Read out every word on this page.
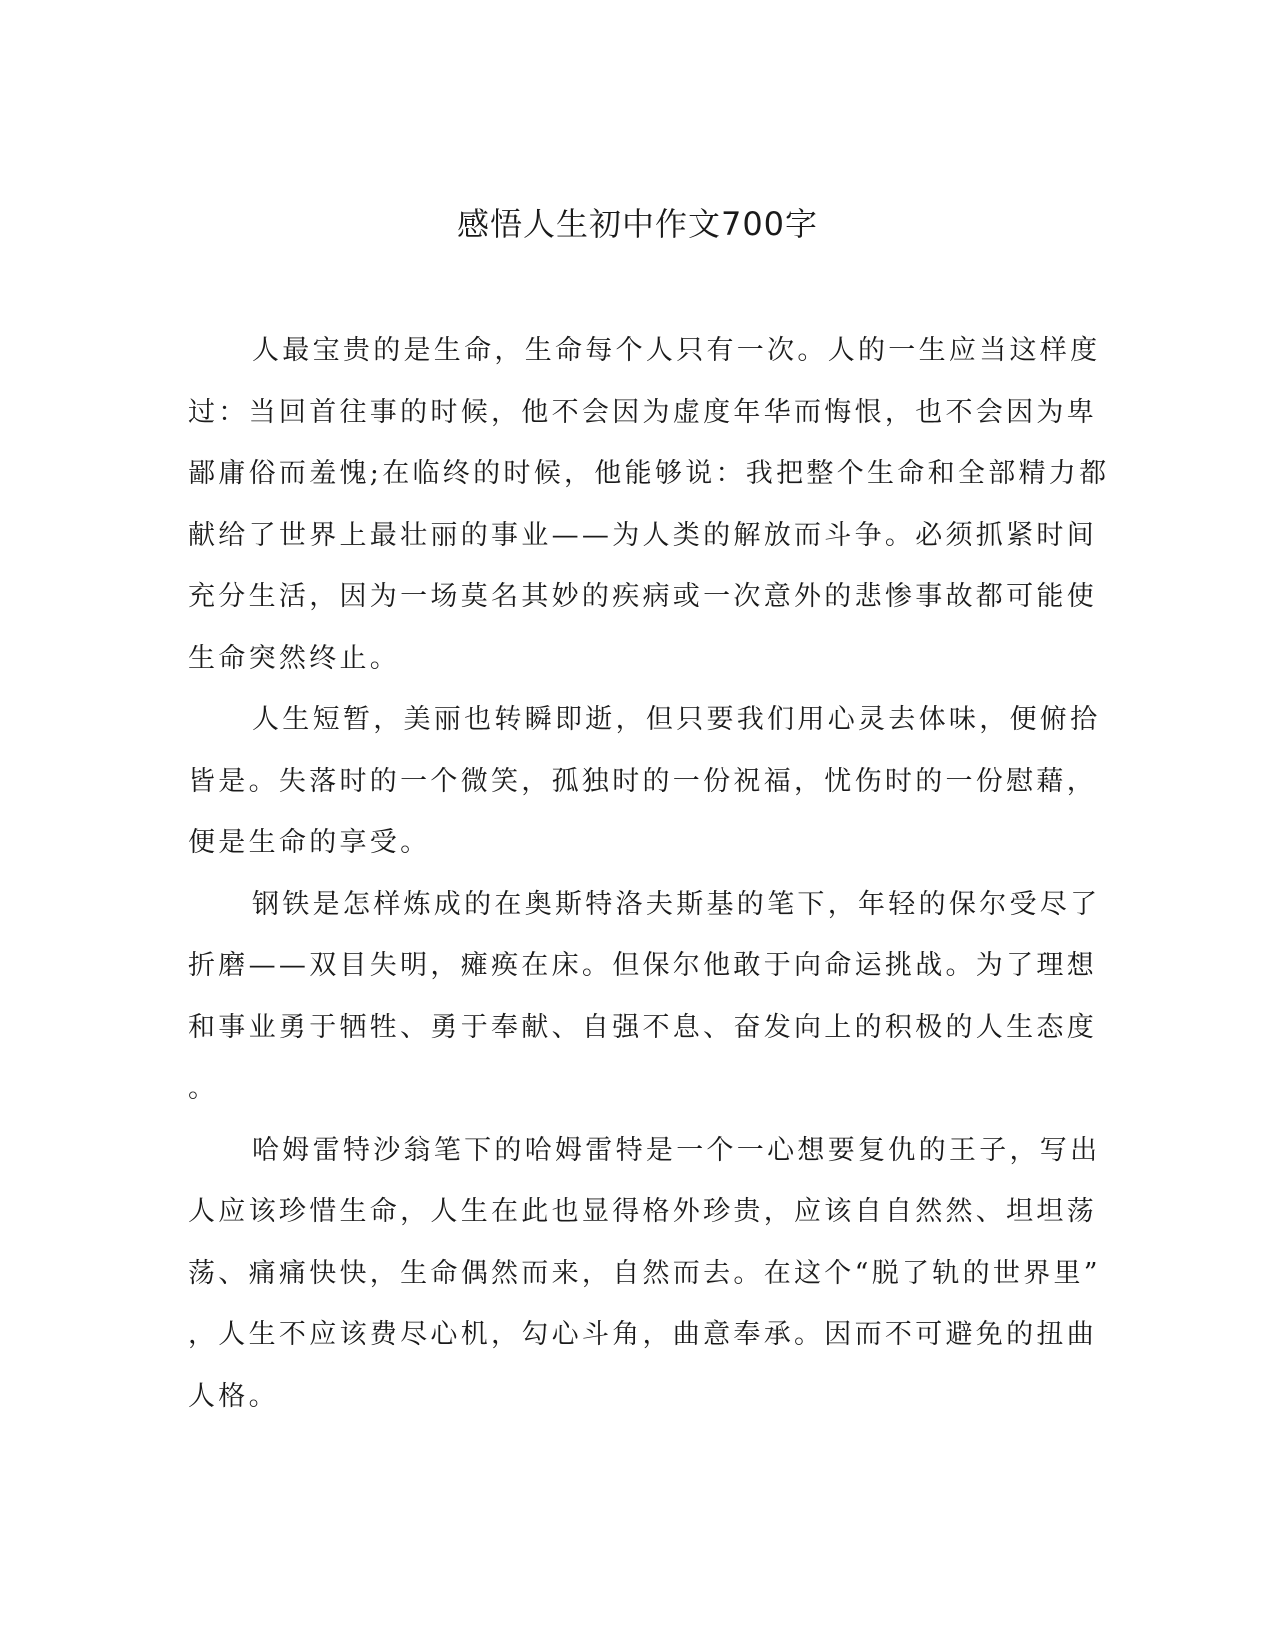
感悟人生初中作文700字

人最宝贵的是生命，生命每个人只有一次。人的一生应当这样度
过：当回首往事的时候，他不会因为虚度年华而悔恨，也不会因为卑
鄙庸俗而羞愧;在临终的时候，他能够说：我把整个生命和全部精力都
献给了世界上最壮丽的事业——为人类的解放而斗争。必须抓紧时间
充分生活，因为一场莫名其妙的疾病或一次意外的悲惨事故都可能使
生命突然终止。

人生短暂，美丽也转瞬即逝，但只要我们用心灵去体味，便俯拾
皆是。失落时的一个微笑，孤独时的一份祝福，忧伤时的一份慰藉，
便是生命的享受。

钢铁是怎样炼成的在奥斯特洛夫斯基的笔下，年轻的保尔受尽了
折磨——双目失明，瘫痪在床。但保尔他敢于向命运挑战。为了理想
和事业勇于牺牲、勇于奉献、自强不息、奋发向上的积极的人生态度
。

哈姆雷特沙翁笔下的哈姆雷特是一个一心想要复仇的王子，写出
人应该珍惜生命，人生在此也显得格外珍贵，应该自自然然、坦坦荡
荡、痛痛快快，生命偶然而来，自然而去。在这个“脱了轨的世界里”
，人生不应该费尽心机，勾心斗角，曲意奉承。因而不可避免的扭曲
人格。
